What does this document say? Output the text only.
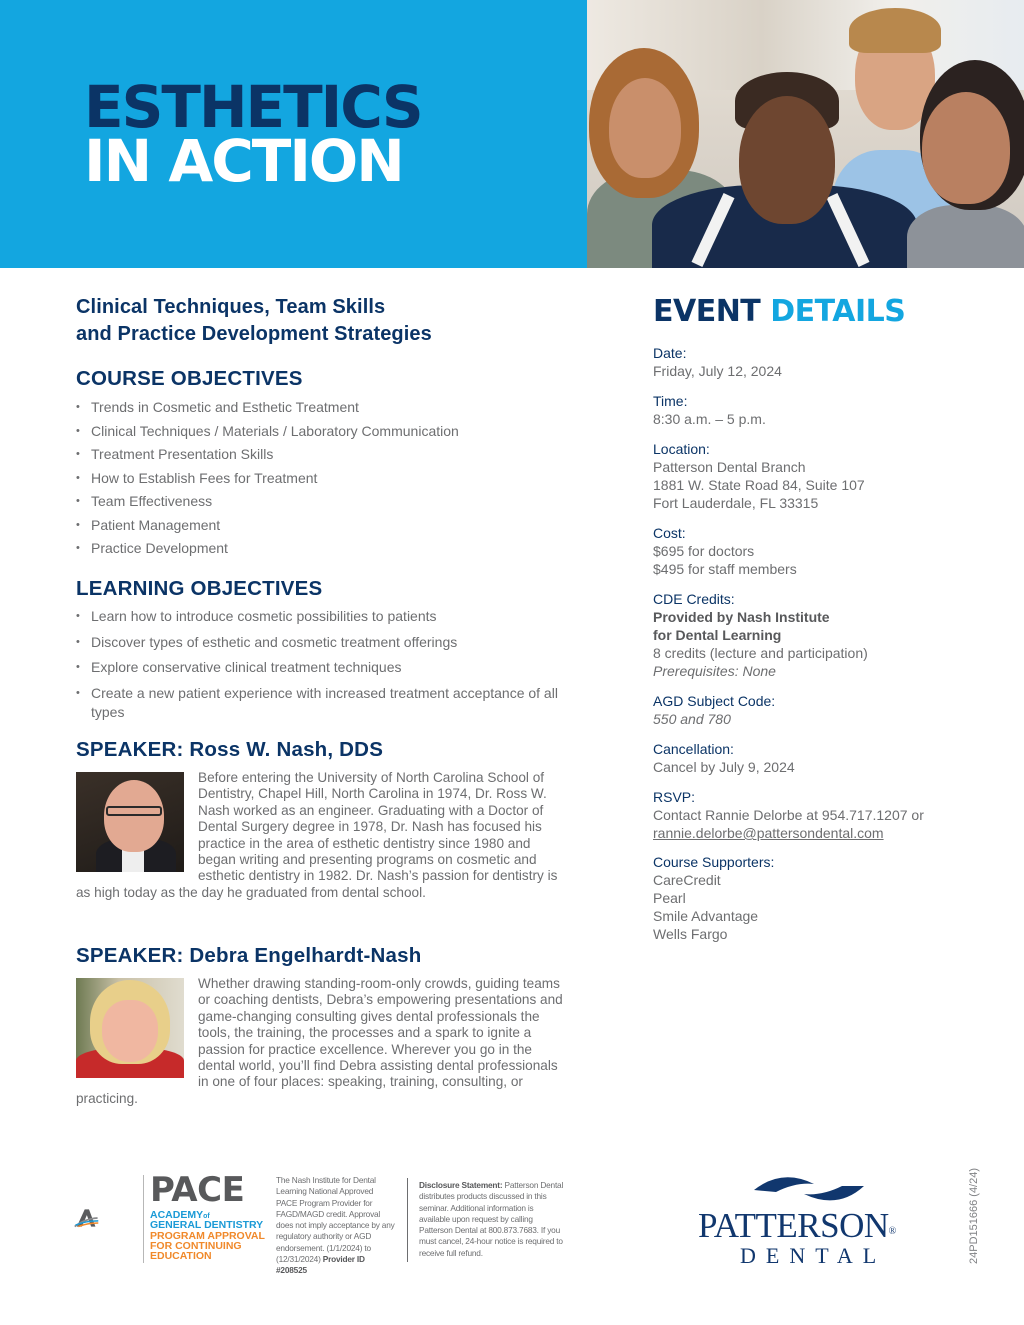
ESTHETICS
IN ACTION
Clinical Techniques, Team Skills
and Practice Development Strategies
COURSE OBJECTIVES
• Trends in Cosmetic and Esthetic Treatment
• Clinical Techniques / Materials / Laboratory Communication
• Treatment Presentation Skills
• How to Establish Fees for Treatment
• Team Effectiveness
• Patient Management
• Practice Development
LEARNING OBJECTIVES
• Learn how to introduce cosmetic possibilities to patients
• Discover types of esthetic and cosmetic treatment offerings
• Explore conservative clinical treatment techniques
• Create a new patient experience with increased treatment acceptance of all types
SPEAKER: Ross W. Nash, DDS
Before entering the University of North Carolina School of Dentistry, Chapel Hill, North Carolina in 1974, Dr. Ross W. Nash worked as an engineer. Graduating with a Doctor of Dental Surgery degree in 1978, Dr. Nash has focused his practice in the area of esthetic dentistry since 1980 and began writing and presenting programs on cosmetic and esthetic dentistry in 1982. Dr. Nash’s passion for dentistry is as high today as the day he graduated from dental school.
SPEAKER: Debra Engelhardt-Nash
Whether drawing standing-room-only crowds, guiding teams or coaching dentists, Debra’s empowering presentations and game-changing consulting gives dental professionals the tools, the training, the processes and a spark to ignite a passion for practice excellence. Wherever you go in the dental world, you’ll find Debra assisting dental professionals in one of four places: speaking, training, consulting, or practicing.
EVENT DETAILS
Date:
Friday, July 12, 2024
Time:
8:30 a.m. – 5 p.m.
Location:
Patterson Dental Branch
1881 W. State Road 84, Suite 107
Fort Lauderdale, FL 33315
Cost:
$695 for doctors
$495 for staff members
CDE Credits:
Provided by Nash Institute
for Dental Learning
8 credits (lecture and participation)
Prerequisites: None
AGD Subject Code:
550 and 780
Cancellation:
Cancel by July 9, 2024
RSVP:
Contact Rannie Delorbe at 954.717.1207 or
rannie.delorbe@pattersondental.com
Course Supporters:
CareCredit
Pearl
Smile Advantage
Wells Fargo
PACE
ACADEMYof
GENERAL DENTISTRY
PROGRAM APPROVAL
FOR CONTINUING
EDUCATION
The Nash Institute for Dental Learning National Approved PACE Program Provider for FAGD/MAGD credit. Approval does not imply acceptance by any regulatory authority or AGD endorsement. (1/1/2024) to (12/31/2024) Provider ID #208525
Disclosure Statement: Patterson Dental distributes products discussed in this seminar. Additional information is available upon request by calling Patterson Dental at 800.873.7683. If you must cancel, 24-hour notice is required to receive full refund.
PATTERSON®
DENTAL	24PD151666 (4/24)
